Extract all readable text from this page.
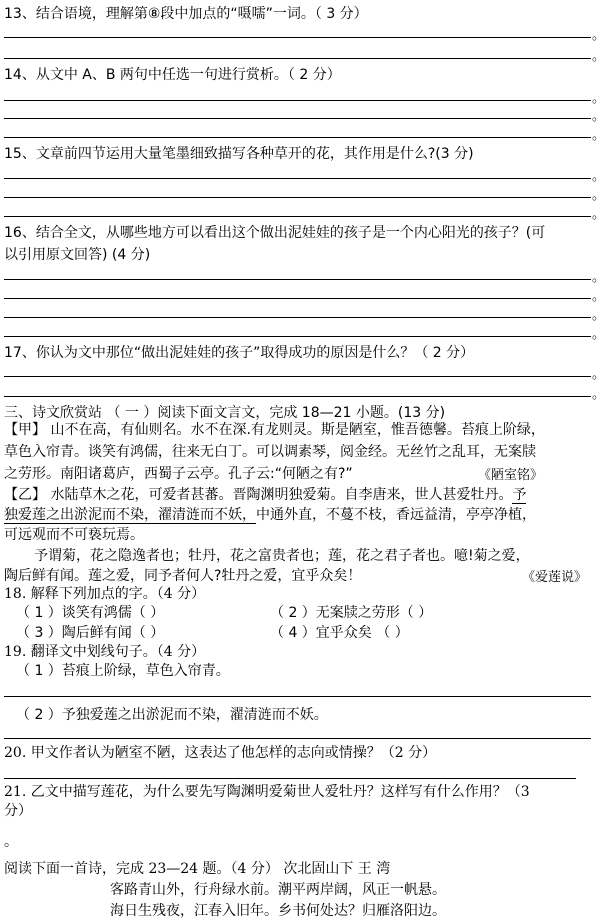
13、结合语境，理解第⑧段中加点的“嗫嚅”一词。（ 3 分）
。
。
14、从文中 A、B 两句中任选一句进行赏析。（ 2 分）
。
。
。
15、文章前四节运用大量笔墨细致描写各种草开的花，其作用是什么?(3 分)
。
。
。
16、结合全文，从哪些地方可以看出这个做出泥娃娃的孩子是一个内心阳光的孩子？(可
以引用原文回答) (4 分)
。
。
。
。
17、你认为文中那位“做出泥娃娃的孩子”取得成功的原因是什么？（ 2 分）
。
。
三、诗文欣赏站 （ 一 ）阅读下面文言文，完成 18—21 小题。(13 分)
【甲】 山不在高，有仙则名。水不在深.有龙则灵。斯是陋室，惟吾德馨。苔痕上阶绿，
草色入帘青。谈笑有鸿儒，往来无白丁。可以调素琴，阅金经。无丝竹之乱耳，无案牍
之劳形。南阳诸葛庐，西蜀子云亭。孔子云:“何陋之有?”	《陋室铭》
【乙】 水陆草木之花，可爱者甚蕃。晋陶渊明独爱菊。自李唐来，世人甚爱牡丹。予
独爱莲之出淤泥而不染，濯清涟而不妖，中通外直，不蔓不枝，香远益清，亭亭净植，
可远观而不可亵玩焉。
予谓菊，花之隐逸者也；牡丹，花之富贵者也；莲，花之君子者也。噫!菊之爱，
陶后鲜有闻。莲之爱，同予者何人?牡丹之爱，宜乎众矣！	《爱莲说》
18. 解释下列加点的字。（4 分）
（ 1 ）谈笑有鸿儒（ ）	（ 2 ）无案牍之劳形（ ）
（ 3 ）陶后鲜有闻（ ）	（ 4 ）宜乎众矣 （ ）
19. 翻译文中划线句子。（4 分）
（ 1 ）苔痕上阶绿，草色入帘青。
（ 2 ）予独爱莲之出淤泥而不染，濯清涟而不妖。
20. 甲文作者认为陋室不陋，这表达了他怎样的志向或情操？（2 分）
21. 乙文中描写莲花，为什么要先写陶渊明爱菊世人爱牡丹？这样写有什么作用？（3
分）
。
阅读下面一首诗，完成 23—24 题。（4 分） 次北固山下 王 湾
客路青山外，行舟绿水前。潮平两岸阔，风正一帆悬。
海日生残夜，江春入旧年。乡书何处达？归雁洛阳边。
